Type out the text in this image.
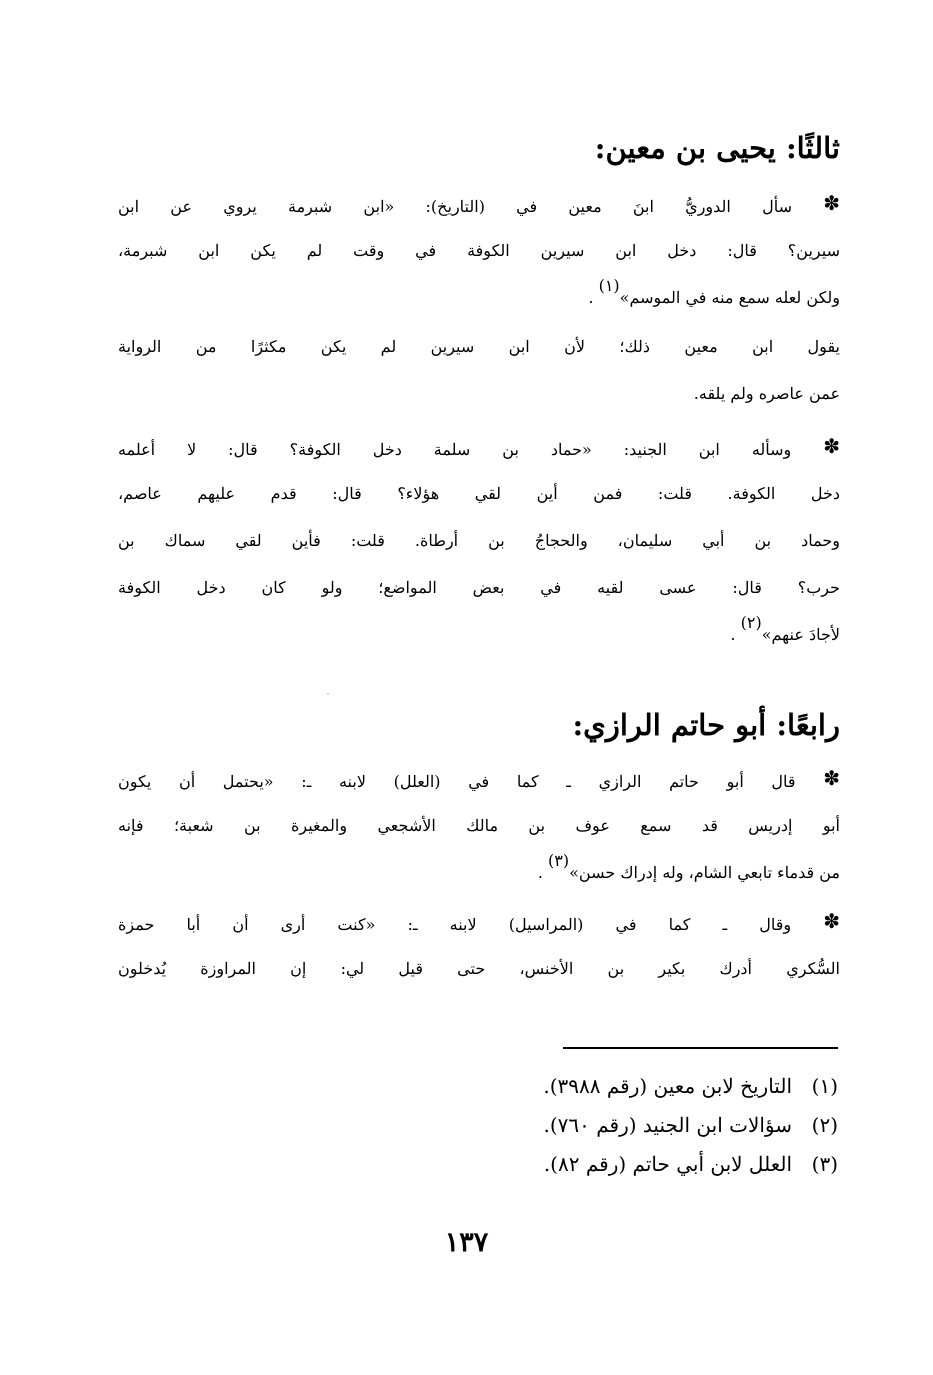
ثالثًا: يحيى بن معين:

✽ سأل الدوريُّ ابنَ معين في (التاريخ): «ابن شبرمة يروي عن ابن
سيرين؟ قال: دخل ابن سيرين الكوفة في وقت لم يكن ابن شبرمة،
ولكن لعله سمع منه في الموسم»$^{(١)}$ .
يقول ابن معين ذلك؛ لأن ابن سيرين لم يكن مكثرًا من الرواية
عمن عاصره ولم يلقه.
✽ وسأله ابن الجنيد: «حماد بن سلمة دخل الكوفة؟ قال: لا أعلمه
دخل الكوفة. قلت: فمن أين لقي هؤلاء؟ قال: قدم عليهم عاصم،
وحماد بن أبي سليمان، والحجاجُ بن أرطاة. قلت: فأين لقي سماك بن
حرب؟ قال: عسى لقيه في بعض المواضع؛ ولو كان دخل الكوفة
لأجادَ عنهم»$^{(٢)}$ .

رابعًا: أبو حاتم الرازي:

✽ قال أبو حاتم الرازي ـ كما في (العلل) لابنه ـ: «يحتمل أن يكون
أبو إدريس قد سمع عوف بن مالك الأشجعي والمغيرة بن شعبة؛ فإنه
من قدماء تابعي الشام، وله إدراك حسن»$^{(٣)}$ .
✽ وقال ـ كما في (المراسيل) لابنه ـ: «كنت أرى أن أبا حمزة
السُّكري أدرك بكير بن الأخنس، حتى قيل لي: إن المراوزة يُدخلون
(١)التاريخ لابن معين (رقم ٣٩٨٨).
(٢)سؤالات ابن الجنيد (رقم ٧٦٠).
(٣)العلل لابن أبي حاتم (رقم ٨٢).
١٣٧
